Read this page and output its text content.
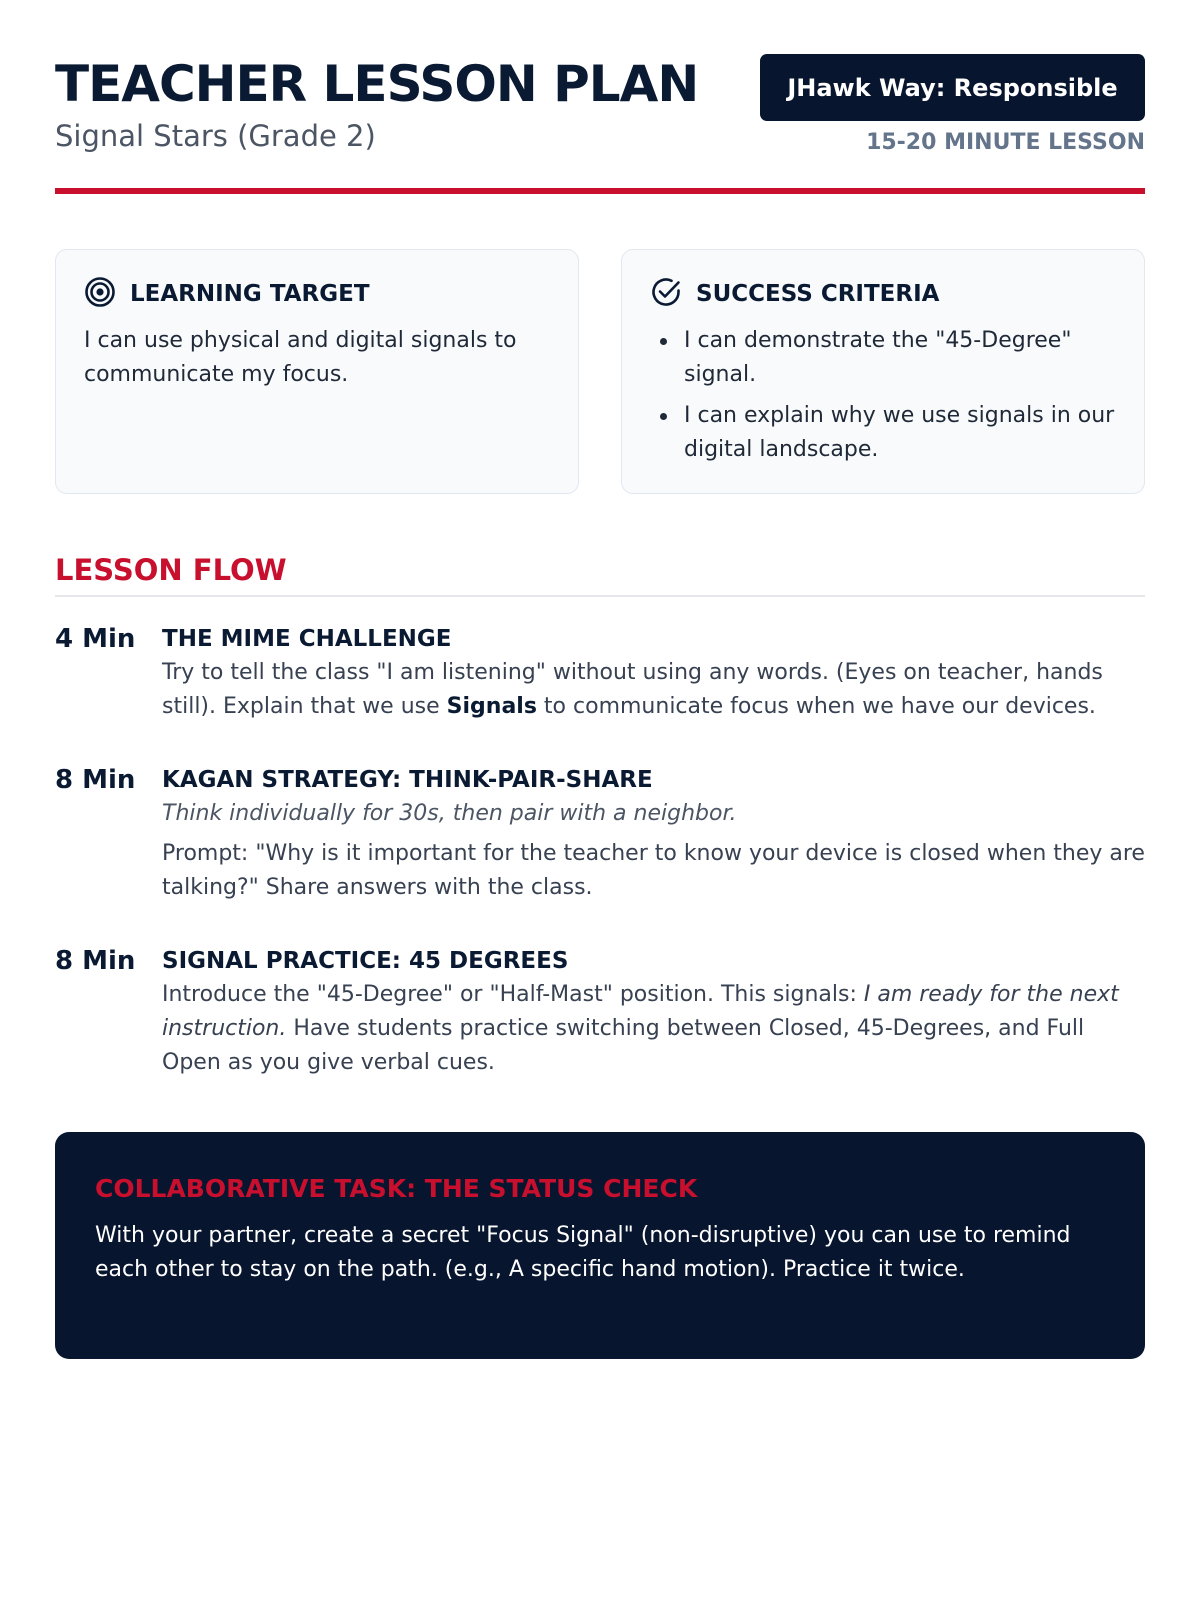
TEACHER LESSON PLAN
Signal Stars (Grade 2)
JHawk Way: Responsible
15-20 MINUTE LESSON
LEARNING TARGET
I can use physical and digital signals to communicate my focus.
SUCCESS CRITERIA
I can demonstrate the "45-Degree" signal.
I can explain why we use signals in our digital landscape.
LESSON FLOW
4 Min	THE MIME CHALLENGE
Try to tell the class "I am listening" without using any words. (Eyes on teacher, hands still). Explain that we use Signals to communicate focus when we have our devices.
8 Min	KAGAN STRATEGY: THINK-PAIR-SHARE
Think individually for 30s, then pair with a neighbor.
Prompt: "Why is it important for the teacher to know your device is closed when they are talking?" Share answers with the class.
8 Min	SIGNAL PRACTICE: 45 DEGREES
Introduce the "45-Degree" or "Half-Mast" position. This signals: I am ready for the next instruction. Have students practice switching between Closed, 45-Degrees, and Full Open as you give verbal cues.
COLLABORATIVE TASK: THE STATUS CHECK
With your partner, create a secret "Focus Signal" (non-disruptive) you can use to remind each other to stay on the path. (e.g., A specific hand motion). Practice it twice.
